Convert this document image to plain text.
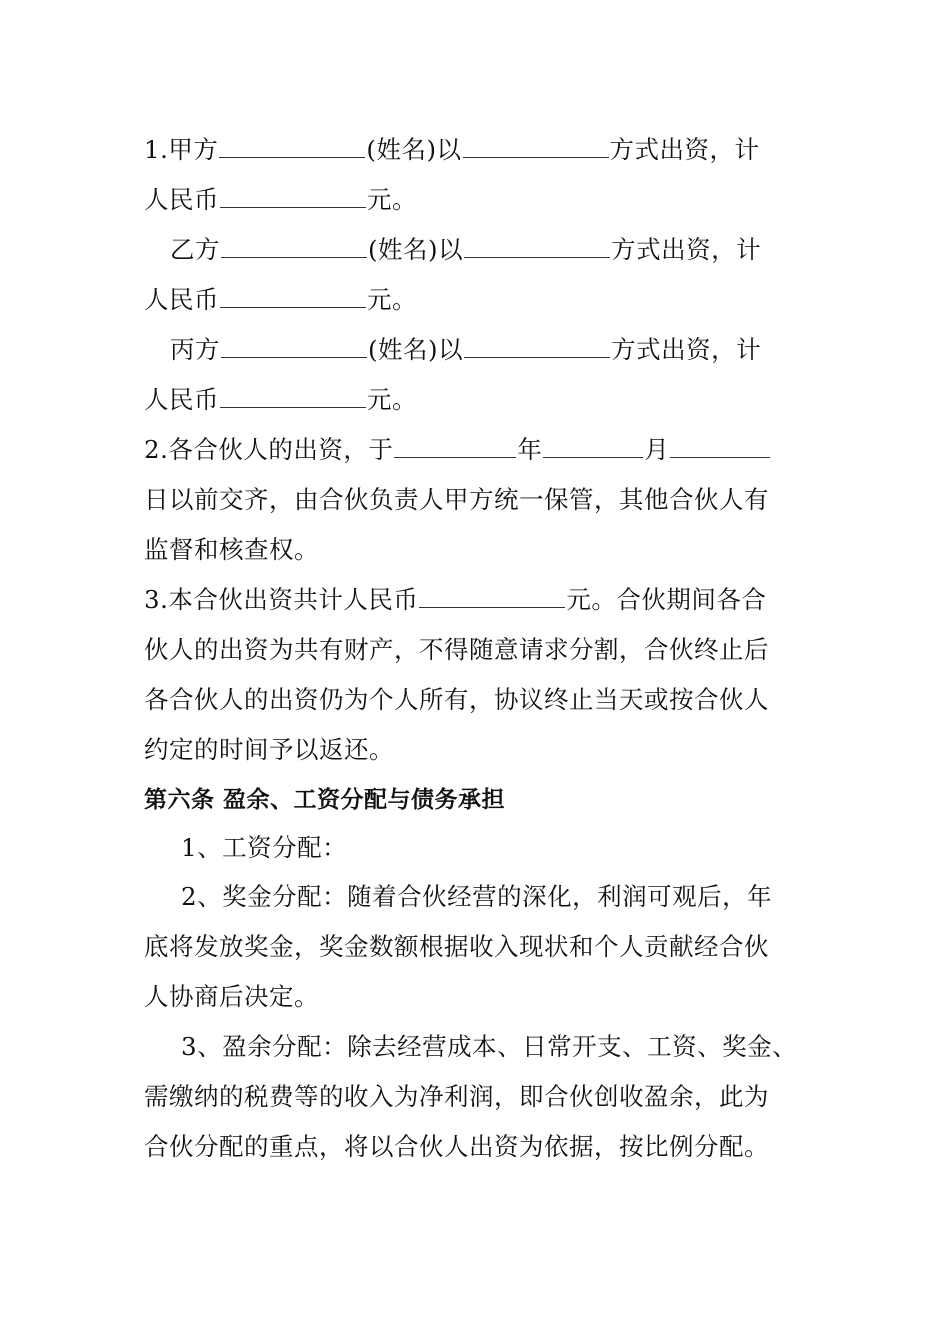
1.甲方	(姓名)以	方式出资，计
人民币	元。
乙方	(姓名)以	方式出资，计
人民币	元。
丙方	(姓名)以	方式出资，计
人民币	元。
2.各合伙人的出资，于	年	月
日以前交齐，由合伙负责人甲方统一保管，其他合伙人有
监督和核查权。
3.本合伙出资共计人民币	元。合伙期间各合
伙人的出资为共有财产，不得随意请求分割，合伙终止后
各合伙人的出资仍为个人所有，协议终止当天或按合伙人
约定的时间予以返还。
第六条 盈余、工资分配与债务承担
1、工资分配：
2、奖金分配：随着合伙经营的深化，利润可观后，年
底将发放奖金，奖金数额根据收入现状和个人贡献经合伙
人协商后决定。
3、盈余分配：除去经营成本、日常开支、工资、奖金、
需缴纳的税费等的收入为净利润，即合伙创收盈余，此为
合伙分配的重点，将以合伙人出资为依据，按比例分配。
